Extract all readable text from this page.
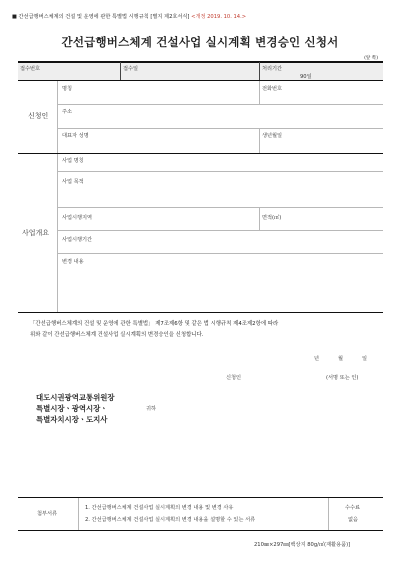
■ 간선급행버스체계의 건설 및 운영에 관한 특별법 시행규칙 [별지 제2호서식] <개정 2019. 10. 14.>
간선급행버스체계 건설사업 실시계획 변경승인 신청서
(앞 쪽)
접수번호	접수일	처리기간
90일
신청인
명칭	전화번호
주소
대표자 성명	생년월일
사업개요
사업 명칭
사업 목적
사업시행지역	면적(㎡)
사업시행기간
변경 내용
「간선급행버스체계의 건설 및 운영에 관한 특별법」 제7조제6항 및 같은 법 시행규칙 제4조제2항에 따라
위와 같이 간선급행버스체계 건설사업 실시계획의 변경승인을 신청합니다.
년	월	일
신청인	(서명 또는 인)
대도시권광역교통위원장
특별시장ㆍ광역시장ㆍ
특별자치시장ㆍ도지사
귀하
첨부서류
1. 간선급행버스체계 건설사업 실시계획의 변경 내용 및 변경 사유
2. 간선급행버스체계 건설사업 실시계획의 변경 내용을 설명할 수 있는 서류
수수료
없음
210㎜×297㎜[백상지 80g/㎡(재활용품)]
